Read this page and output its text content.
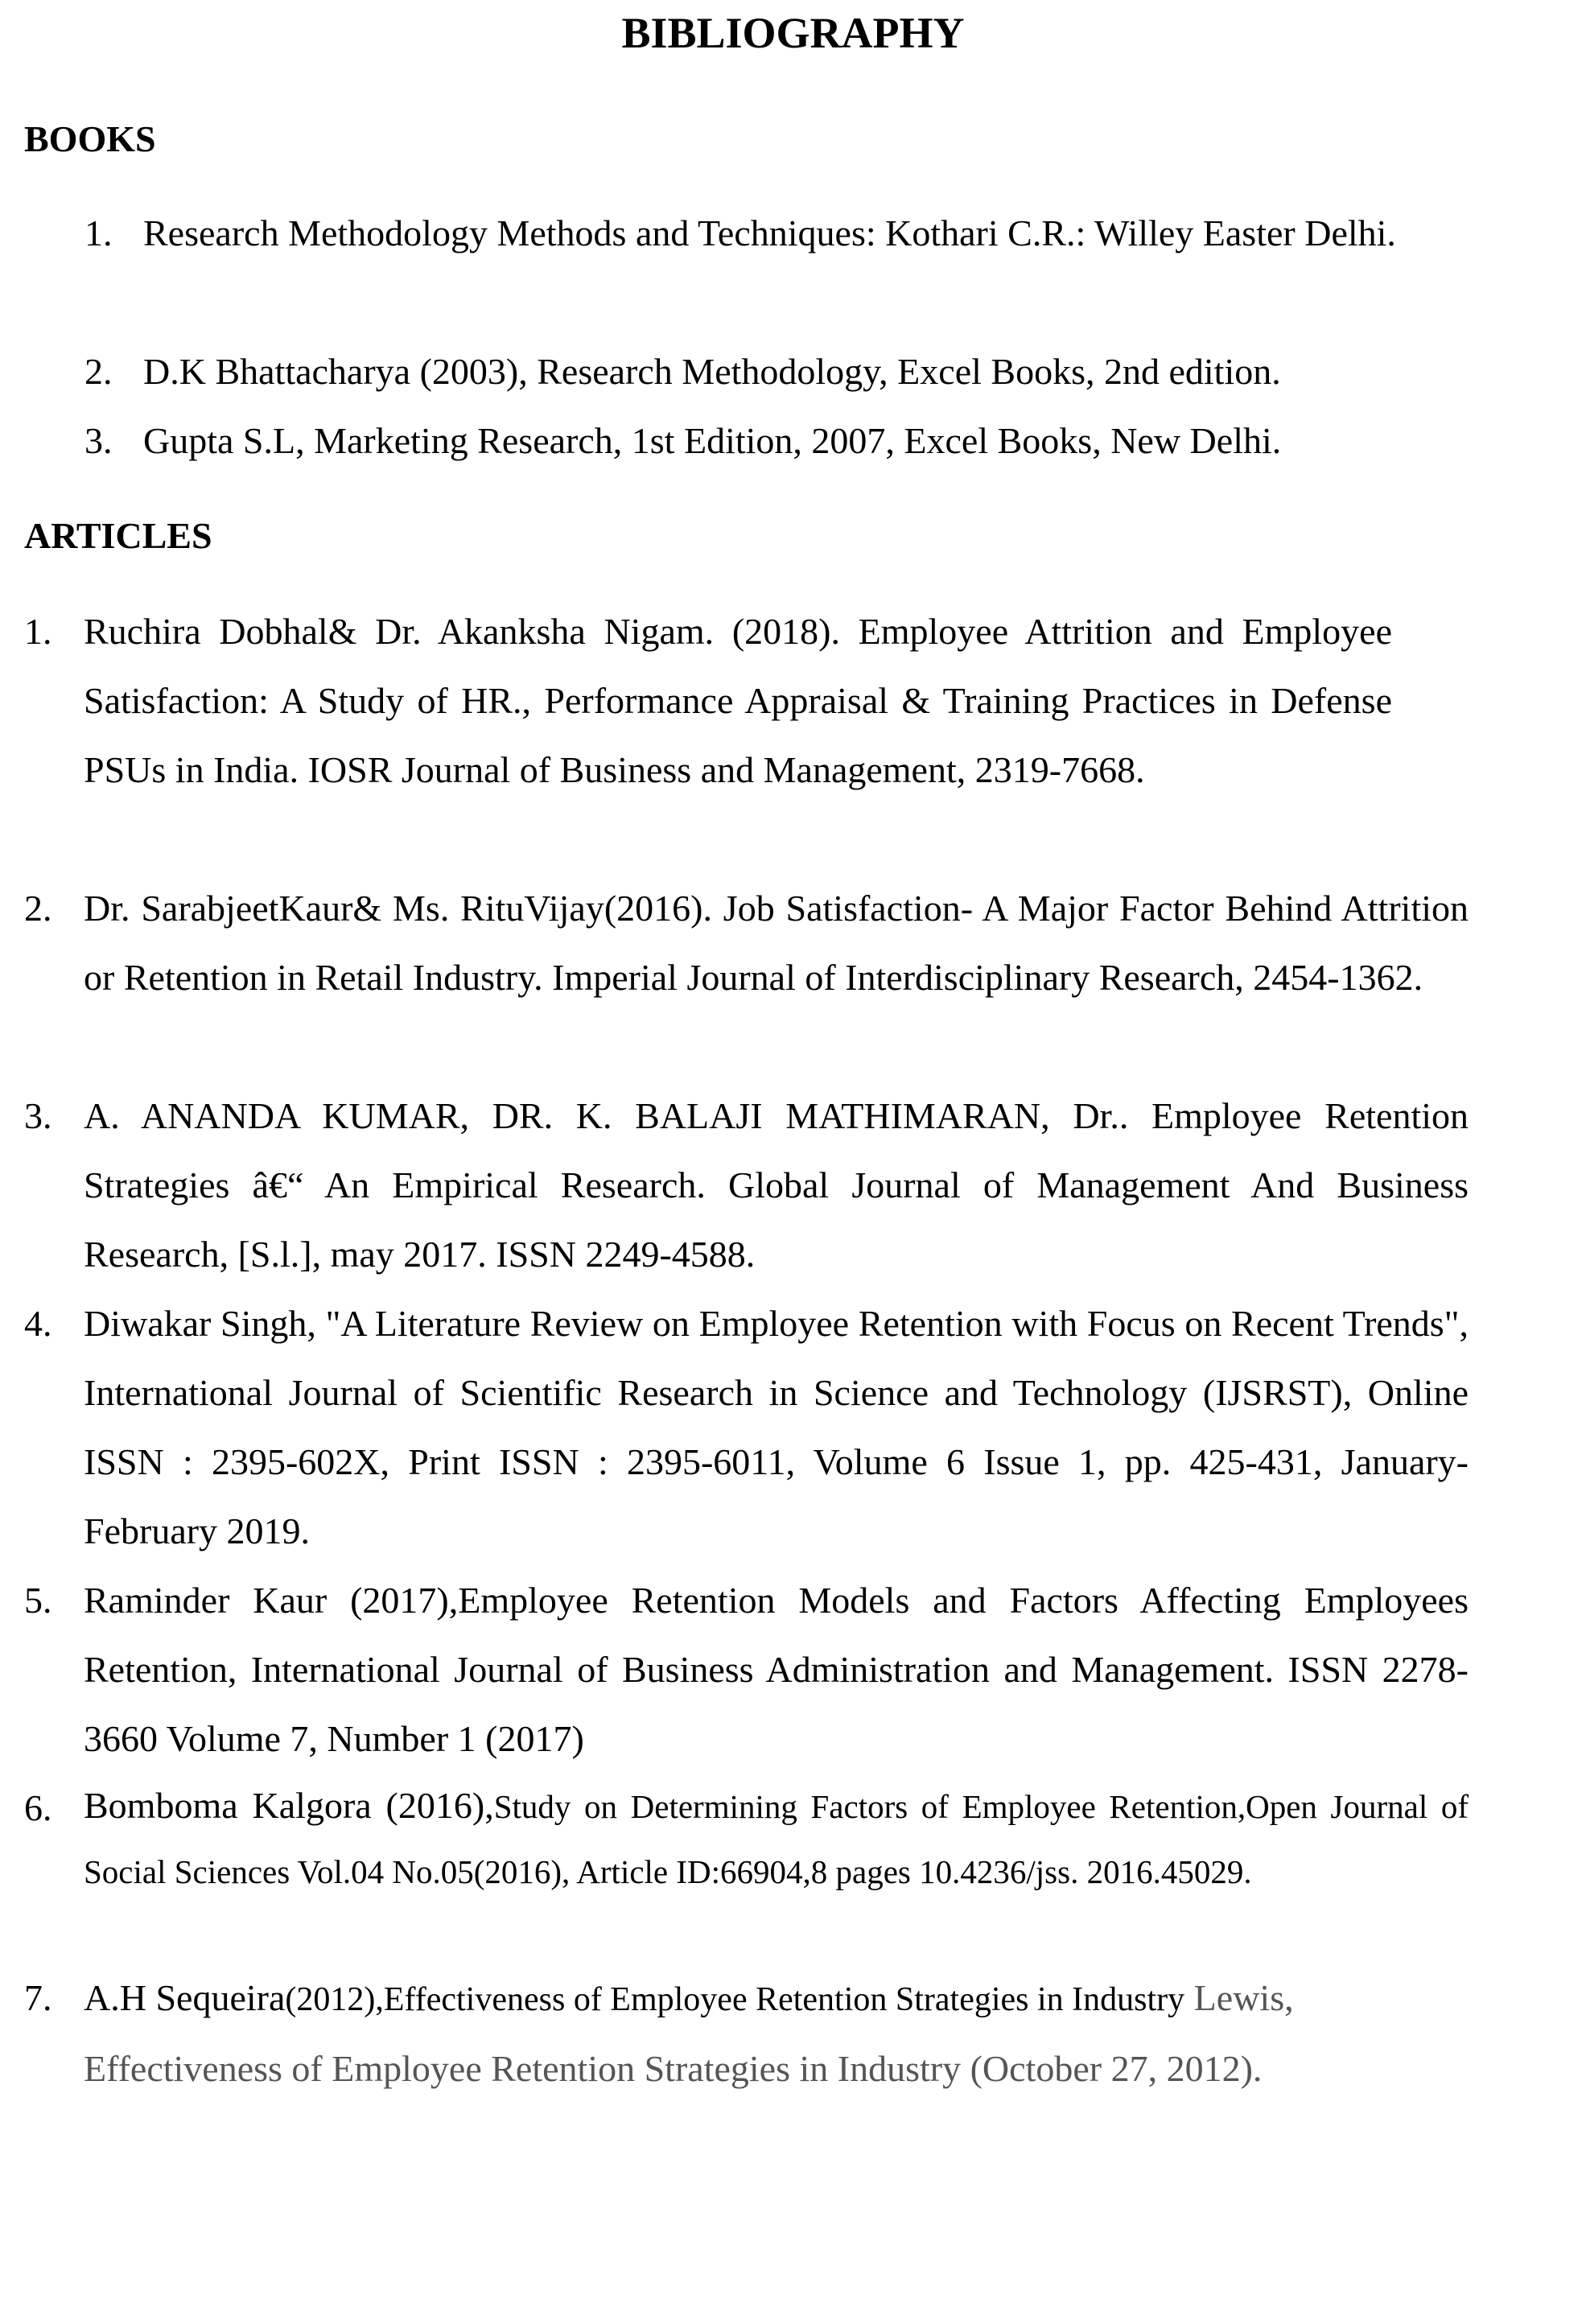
BIBLIOGRAPHY
BOOKS
1. Research Methodology Methods and Techniques: Kothari C.R.: Willey Easter Delhi.
2. D.K Bhattacharya (2003), Research Methodology, Excel Books, 2nd edition.
3. Gupta S.L, Marketing Research, 1st Edition, 2007, Excel Books, New Delhi.
ARTICLES
1. Ruchira Dobhal& Dr. Akanksha Nigam. (2018). Employee Attrition and Employee Satisfaction: A Study of HR., Performance Appraisal & Training Practices in Defense PSUs in India. IOSR Journal of Business and Management, 2319-7668.
2. Dr. SarabjeetKaur& Ms. RituVijay(2016). Job Satisfaction- A Major Factor Behind Attrition or Retention in Retail Industry. Imperial Journal of Interdisciplinary Research, 2454-1362.
3. A. ANANDA KUMAR, DR. K. BALAJI MATHIMARAN, Dr.. Employee Retention Strategies â€“ An Empirical Research. Global Journal of Management And Business Research, [S.l.], may 2017. ISSN 2249-4588.
4. Diwakar Singh, "A Literature Review on Employee Retention with Focus on Recent Trends", International Journal of Scientific Research in Science and Technology (IJSRST), Online ISSN : 2395-602X, Print ISSN : 2395-6011, Volume 6 Issue 1, pp. 425-431, January-February 2019.
5. Raminder Kaur (2017),Employee Retention Models and Factors Affecting Employees Retention, International Journal of Business Administration and Management. ISSN 2278-3660 Volume 7, Number 1 (2017)
6. Bomboma Kalgora (2016),Study on Determining Factors of Employee Retention,Open Journal of Social Sciences Vol.04 No.05(2016), Article ID:66904,8 pages 10.4236/jss. 2016.45029.
7. A.H Sequeira(2012),Effectiveness of Employee Retention Strategies in Industry Lewis, Effectiveness of Employee Retention Strategies in Industry (October 27, 2012).
